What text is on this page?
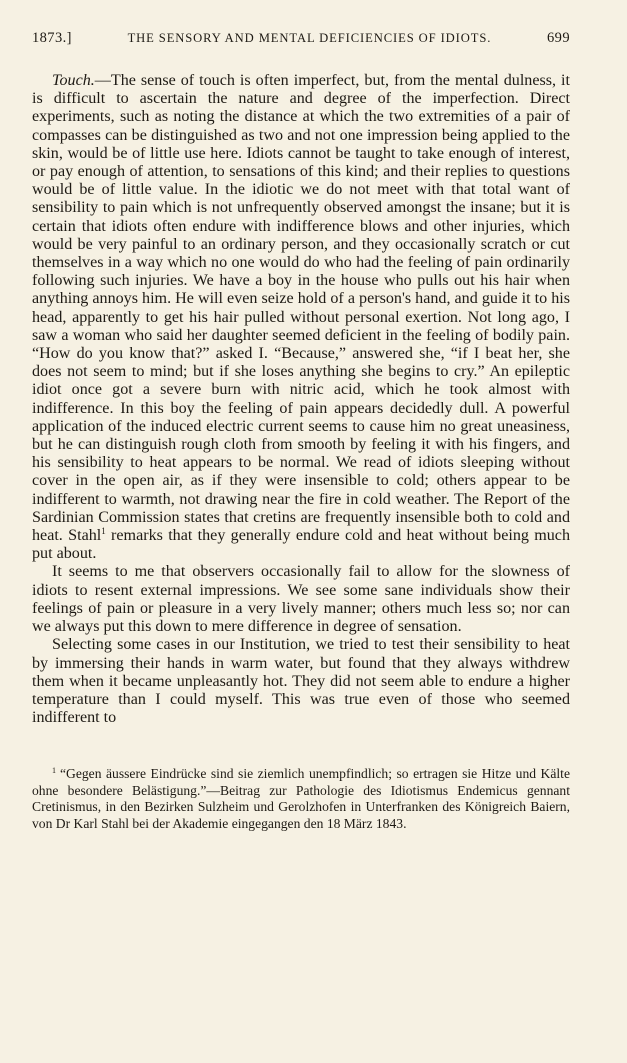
1873.]	THE SENSORY AND MENTAL DEFICIENCIES OF IDIOTS.	699

Touch.—The sense of touch is often imperfect, but, from the mental dulness, it is difficult to ascertain the nature and degree of the imperfection. Direct experiments, such as noting the distance at which the two extremities of a pair of compasses can be distinguished as two and not one impression being applied to the skin, would be of little use here. Idiots cannot be taught to take enough of interest, or pay enough of attention, to sensations of this kind; and their replies to questions would be of little value. In the idiotic we do not meet with that total want of sensibility to pain which is not unfrequently observed amongst the insane; but it is certain that idiots often endure with indifference blows and other injuries, which would be very painful to an ordinary person, and they occasionally scratch or cut themselves in a way which no one would do who had the feeling of pain ordinarily following such injuries. We have a boy in the house who pulls out his hair when anything annoys him. He will even seize hold of a person's hand, and guide it to his head, apparently to get his hair pulled without personal exertion. Not long ago, I saw a woman who said her daughter seemed deficient in the feeling of bodily pain. “How do you know that?” asked I. “Because,” answered she, “if I beat her, she does not seem to mind; but if she loses anything she begins to cry.” An epileptic idiot once got a severe burn with nitric acid, which he took almost with indifference. In this boy the feeling of pain appears decidedly dull. A powerful application of the induced electric current seems to cause him no great uneasiness, but he can distinguish rough cloth from smooth by feeling it with his fingers, and his sensibility to heat appears to be normal. We read of idiots sleeping without cover in the open air, as if they were insensible to cold; others appear to be indifferent to warmth, not drawing near the fire in cold weather. The Report of the Sardinian Commission states that cretins are frequently insensible both to cold and heat. Stahl$^1$ remarks that they generally endure cold and heat without being much put about.

It seems to me that observers occasionally fail to allow for the slowness of idiots to resent external impressions. We see some sane individuals show their feelings of pain or pleasure in a very lively manner; others much less so; nor can we always put this down to mere difference in degree of sensation.

Selecting some cases in our Institution, we tried to test their sensibility to heat by immersing their hands in warm water, but found that they always withdrew them when it became unpleasantly hot. They did not seem able to endure a higher temperature than I could myself. This was true even of those who seemed indifferent to

$^1$ “Gegen äussere Eindrücke sind sie ziemlich unempfindlich; so ertragen sie Hitze und Kälte ohne besondere Belästigung.”—Beitrag zur Pathologie des Idiotismus Endemicus gennant Cretinismus, in den Bezirken Sulzheim und Gerolzhofen in Unterfranken des Königreich Baiern, von Dr Karl Stahl bei der Akademie eingegangen den 18 März 1843.
